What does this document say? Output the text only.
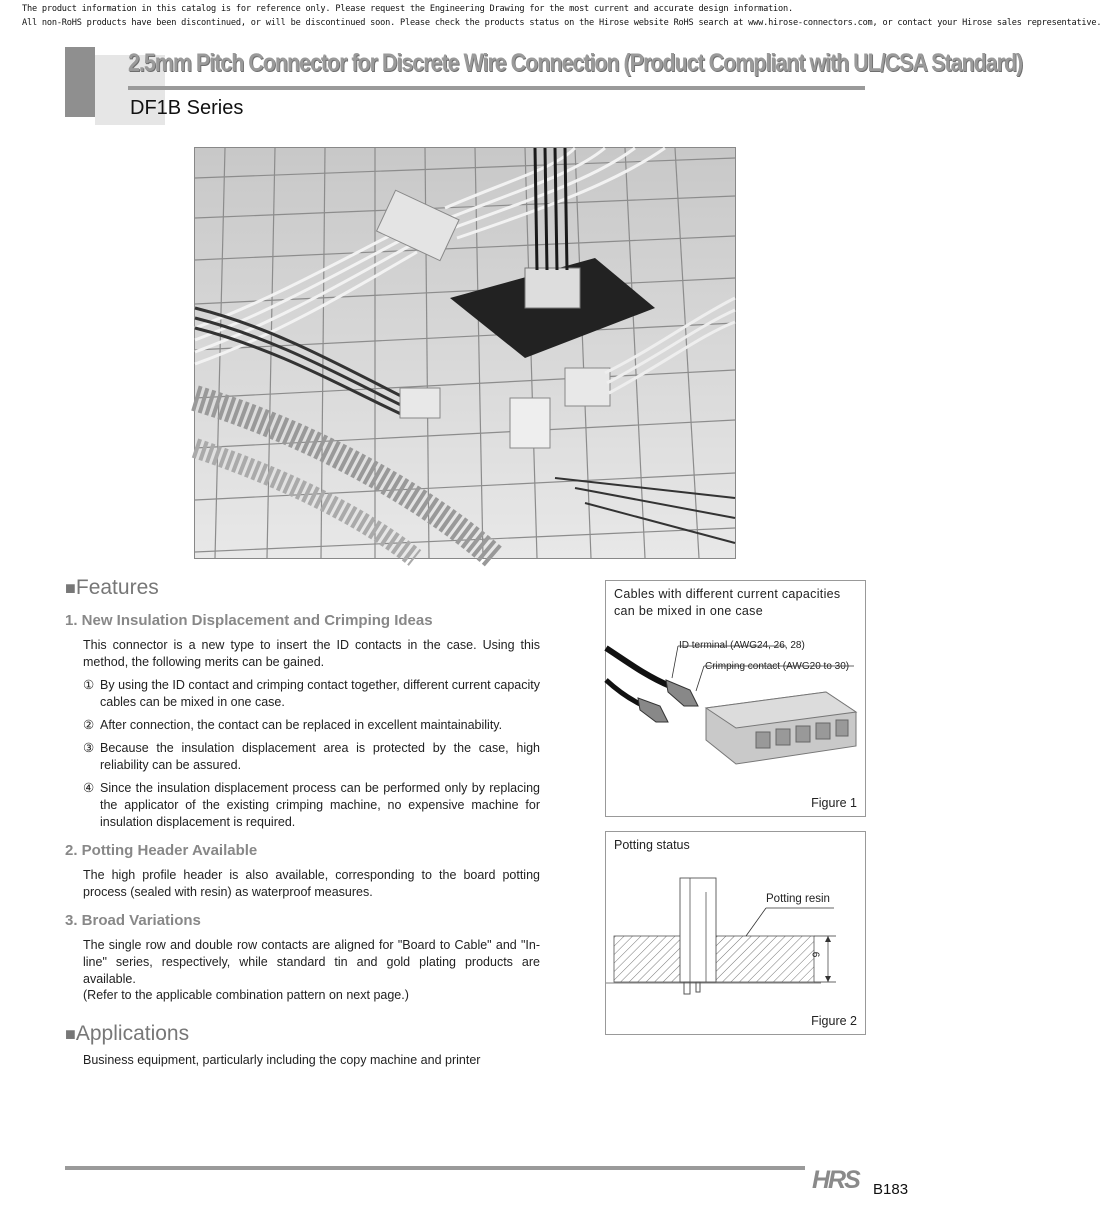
The product information in this catalog is for reference only. Please request the Engineering Drawing for the most current and accurate design information.
All non-RoHS products have been discontinued, or will be discontinued soon. Please check the products status on the Hirose website RoHS search at www.hirose-connectors.com, or contact your Hirose sales representative.
2.5mm Pitch Connector for Discrete Wire Connection (Product Compliant with UL/CSA Standard)
DF1B Series
■Features
1. New Insulation Displacement and Crimping Ideas
This connector is a new type to insert the ID contacts in the case. Using this method, the following merits can be gained.
① By using the ID contact and crimping contact together, different current capacity cables can be mixed in one case.
② After connection, the contact can be replaced in excellent maintainability.
③ Because the insulation displacement area is protected by the case, high reliability can be assured.
④ Since the insulation displacement process can be performed only by replacing the applicator of the existing crimping machine, no expensive machine for insulation displacement is required.
2. Potting Header Available
The high profile header is also available, corresponding to the board potting process (sealed with resin) as waterproof measures.
3. Broad Variations
The single row and double row contacts are aligned for "Board to Cable" and "In-line" series, respectively, while standard tin and gold plating products are available.
(Refer to the applicable combination pattern on next page.)
■Applications
Business equipment, particularly including the copy machine and printer
Cables with different current capacities can be mixed in one case
ID terminal (AWG24, 26, 28)
Crimping contact (AWG20 to 30)
Figure 1
Potting status
Potting resin
6
Figure 2
HRS B183
